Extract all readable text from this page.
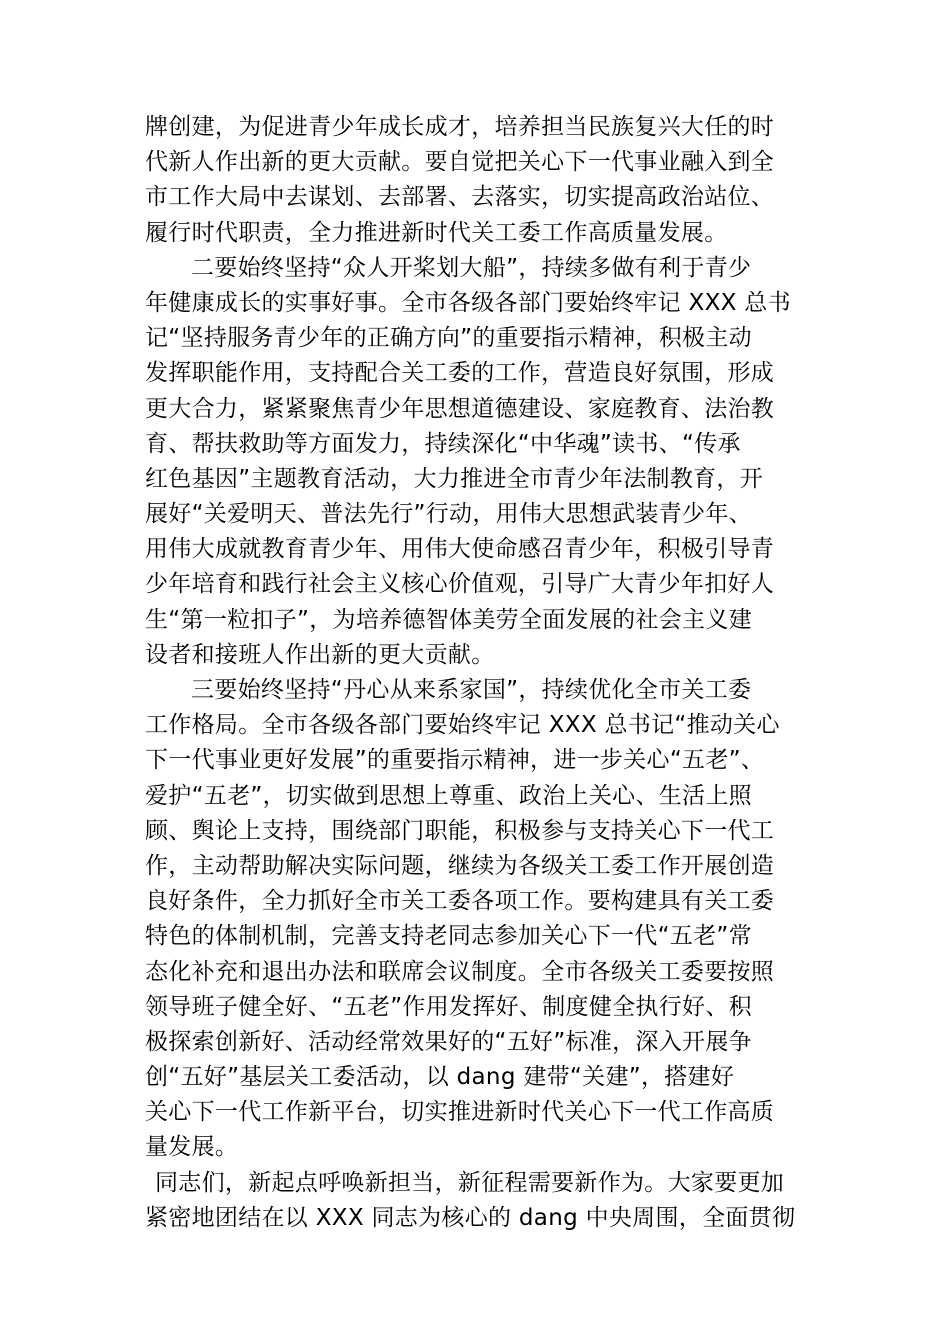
牌创建，为促进青少年成长成才，培养担当民族复兴大任的时
代新人作出新的更大贡献。要自觉把关心下一代事业融入到全
市工作大局中去谋划、去部署、去落实，切实提高政治站位、
履行时代职责，全力推进新时代关工委工作高质量发展。
二要始终坚持“众人开桨划大船”，持续多做有利于青少
年健康成长的实事好事。全市各级各部门要始终牢记 XXX 总书
记“坚持服务青少年的正确方向”的重要指示精神，积极主动
发挥职能作用，支持配合关工委的工作，营造良好氛围，形成
更大合力，紧紧聚焦青少年思想道德建设、家庭教育、法治教
育、帮扶救助等方面发力，持续深化“中华魂”读书、“传承
红色基因”主题教育活动，大力推进全市青少年法制教育，开
展好“关爱明天、普法先行”行动，用伟大思想武装青少年、
用伟大成就教育青少年、用伟大使命感召青少年，积极引导青
少年培育和践行社会主义核心价值观，引导广大青少年扣好人
生“第一粒扣子”，为培养德智体美劳全面发展的社会主义建
设者和接班人作出新的更大贡献。
三要始终坚持“丹心从来系家国”，持续优化全市关工委
工作格局。全市各级各部门要始终牢记 XXX 总书记“推动关心
下一代事业更好发展”的重要指示精神，进一步关心“五老”、
爱护“五老”，切实做到思想上尊重、政治上关心、生活上照
顾、舆论上支持，围绕部门职能，积极参与支持关心下一代工
作，主动帮助解决实际问题，继续为各级关工委工作开展创造
良好条件，全力抓好全市关工委各项工作。要构建具有关工委
特色的体制机制，完善支持老同志参加关心下一代“五老”常
态化补充和退出办法和联席会议制度。全市各级关工委要按照
领导班子健全好、“五老”作用发挥好、制度健全执行好、积
极探索创新好、活动经常效果好的“五好”标准，深入开展争
创“五好”基层关工委活动，以 dang 建带“关建”，搭建好
关心下一代工作新平台，切实推进新时代关心下一代工作高质
量发展。
同志们，新起点呼唤新担当，新征程需要新作为。大家要更加
紧密地团结在以 XXX 同志为核心的 dang 中央周围，全面贯彻
